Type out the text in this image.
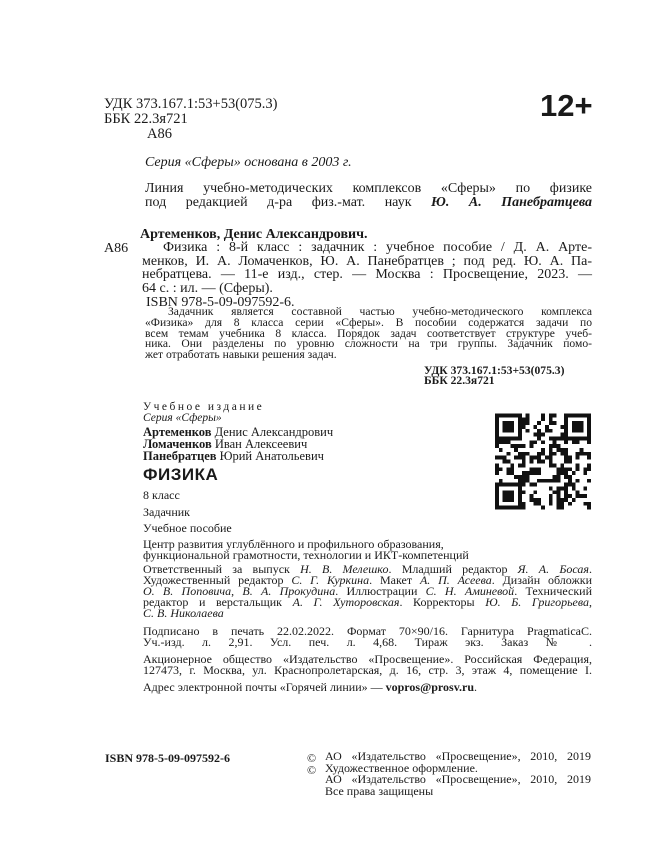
УДК 373.167.1:53+53(075.3)
ББК 22.3я721
А86
12+
Серия «Сферы» основана в 2003 г.
Линия учебно-методических комплексов «Сферы» по физике
под редакцией д-ра физ.-мат. наук Ю. А. Панебратцева
Артеменков, Денис Александрович.
А86	Физика : 8-й класс : задачник : учебное пособие / Д. А. Арте-
менков, И. А. Ломаченков, Ю. А. Панебратцев ; под ред. Ю. А. Па-
небратцева. — 11-е изд., стер. — Москва : Просвещение, 2023. —
64 с. : ил. — (Сферы).
ISBN 978-5-09-097592-6.
Задачник является составной частью учебно-методического комплекса
«Физика» для 8 класса серии «Сферы». В пособии содержатся задачи по
всем темам учебника 8 класса. Порядок задач соответствует структуре учеб-
ника. Они разделены по уровню сложности на три группы. Задачник помо-
жет отработать навыки решения задач.
УДК 373.167.1:53+53(075.3)
ББК 22.3я721
Учебное издание
Серия «Сферы»
Артеменков Денис Александрович
Ломаченков Иван Алексеевич
Панебратцев Юрий Анатольевич
ФИЗИКА
8 класс
Задачник
Учебное пособие
Центр развития углублённого и профильного образования,
функциональной грамотности, технологии и ИКТ-компетенций
Ответственный за выпуск Н. В. Мелешко. Младший редактор Я. А. Босая.
Художественный редактор С. Г. Куркина. Макет А. П. Асеева. Дизайн обложки
О. В. Поповича, В. А. Прокудина. Иллюстрации С. Н. Аминевой. Технический
редактор и верстальщик А. Г. Хуторовская. Корректоры Ю. Б. Григорьева,
С. В. Николаева
Подписано в печать 22.02.2022. Формат 70×90/16. Гарнитура PragmaticaC.
Уч.-изд. л. 2,91. Усл. печ. л. 4,68. Тираж экз. Заказ № .
Акционерное общество «Издательство «Просвещение». Российская Федерация,
127473, г. Москва, ул. Краснопролетарская, д. 16, стр. 3, этаж 4, помещение I.
Адрес электронной почты «Горячей линии» — vopros@prosv.ru.
ISBN 978-5-09-097592-6	©
©
АО «Издательство «Просвещение», 2010, 2019
Художественное оформление.
АО «Издательство «Просвещение», 2010, 2019
Все права защищены
